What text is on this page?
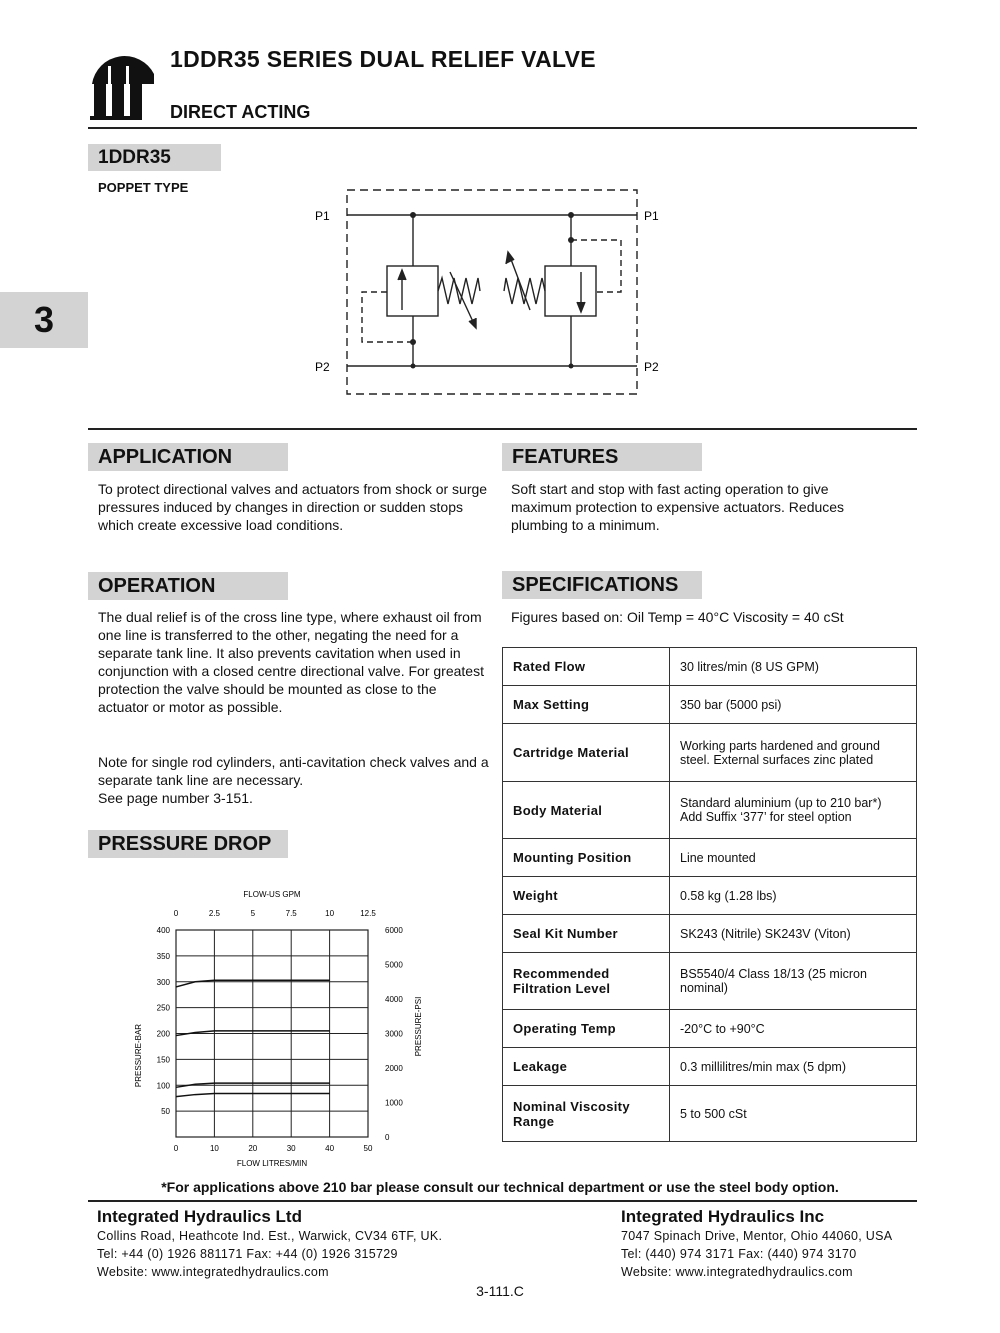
1DDR35 SERIES DUAL RELIEF VALVE
DIRECT ACTING
1DDR35
POPPET TYPE
3
P1	P1
P2	P2
APPLICATION
To protect directional valves and actuators from shock or surge pressures induced by changes in direction or sudden stops which create excessive load conditions.
FEATURES
Soft start and stop with fast acting operation to give maximum protection to expensive actuators. Reduces plumbing to a minimum.
OPERATION
The dual relief is of the cross line type, where exhaust oil from one line is transferred to the other, negating the need for a separate tank line. It also prevents cavitation when used in conjunction with a closed centre directional valve. For greatest protection the valve should be mounted as close to the actuator or motor as possible.
Note for single rod cylinders, anti-cavitation check valves and a separate tank line are necessary.
See page number 3-151.
SPECIFICATIONS
Figures based on: Oil Temp = 40°C Viscosity = 40 cSt
Rated Flow	30 litres/min (8 US GPM)
Max Setting	350 bar (5000 psi)
Cartridge Material	Working parts hardened and ground steel. External surfaces zinc plated
Body Material	Standard aluminium (up to 210 bar*) Add Suffix ‘377’ for steel option
Mounting Position	Line mounted
Weight	0.58 kg (1.28 lbs)
Seal Kit Number	SK243 (Nitrile) SK243V (Viton)
Recommended Filtration Level	BS5540/4 Class 18/13 (25 micron nominal)
Operating Temp	-20°C to +90°C
Leakage	0.3 millilitres/min max (5 dpm)
Nominal Viscosity Range	5 to 500 cSt
PRESSURE DROP
0	10	20	30	40	50
0	2.5	5	7.5	10	12.5
400
350
300
250
200
150
100
50
6000
5000
4000
3000
2000
1000
0
FLOW LITRES/MIN
FLOW-US GPM
PRESSURE-BAR	PRESSURE-PSI
*For applications above 210 bar please consult our technical department or use the steel body option.
Integrated Hydraulics Ltd
Collins Road, Heathcote Ind. Est., Warwick, CV34 6TF, UK.
Tel: +44 (0) 1926 881171 Fax: +44 (0) 1926 315729
Website: www.integratedhydraulics.com
Integrated Hydraulics Inc
7047 Spinach Drive, Mentor, Ohio 44060, USA
Tel: (440) 974 3171 Fax: (440) 974 3170
Website: www.integratedhydraulics.com
3-111.C
